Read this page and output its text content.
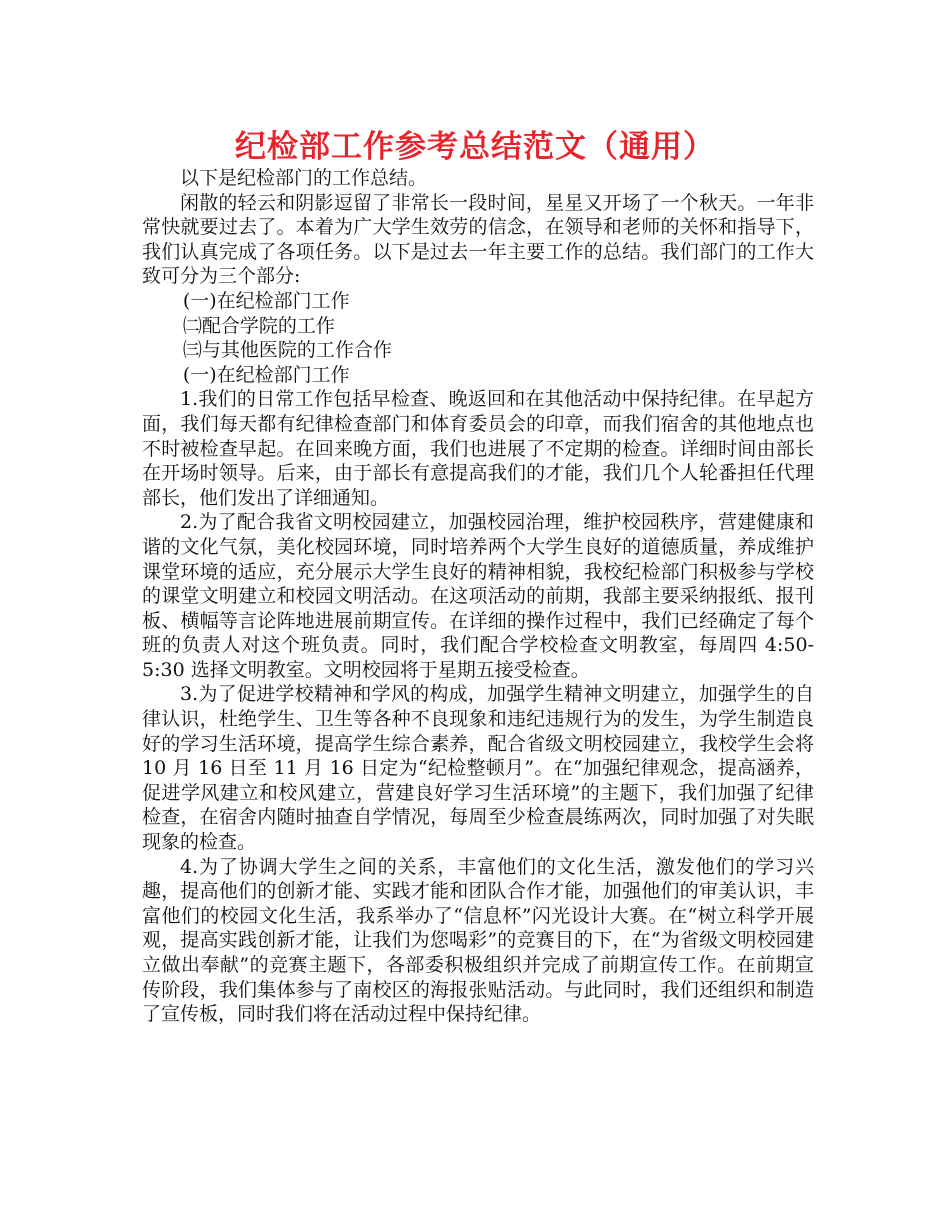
纪检部工作参考总结范文（通用）

以下是纪检部门的工作总结。

闲散的轻云和阴影逗留了非常长一段时间，星星又开场了一个秋天。一年非常快就要过去了。本着为广大学生效劳的信念，在领导和老师的关怀和指导下，我们认真完成了各项任务。以下是过去一年主要工作的总结。我们部门的工作大致可分为三个部分:

(一)在纪检部门工作

㈡配合学院的工作

㈢与其他医院的工作合作

(一)在纪检部门工作

1.我们的日常工作包括早检查、晚返回和在其他活动中保持纪律。在早起方面，我们每天都有纪律检查部门和体育委员会的印章，而我们宿舍的其他地点也不时被检查早起。在回来晚方面，我们也进展了不定期的检查。详细时间由部长在开场时领导。后来，由于部长有意提高我们的才能，我们几个人轮番担任代理部长，他们发出了详细通知。

2.为了配合我省文明校园建立，加强校园治理，维护校园秩序，营建健康和谐的文化气氛，美化校园环境，同时培养两个大学生良好的道德质量，养成维护课堂环境的适应，充分展示大学生良好的精神相貌，我校纪检部门积极参与学校的课堂文明建立和校园文明活动。在这项活动的前期，我部主要采纳报纸、报刊板、横幅等言论阵地进展前期宣传。在详细的操作过程中，我们已经确定了每个班的负责人对这个班负责。同时，我们配合学校检查文明教室，每周四 4:50-5:30 选择文明教室。文明校园将于星期五接受检查。

3.为了促进学校精神和学风的构成，加强学生精神文明建立，加强学生的自律认识，杜绝学生、卫生等各种不良现象和违纪违规行为的发生，为学生制造良好的学习生活环境，提高学生综合素养，配合省级文明校园建立，我校学生会将 10 月 16 日至 11 月 16 日定为“纪检整顿月”。在“加强纪律观念，提高涵养，促进学风建立和校风建立，营建良好学习生活环境”的主题下，我们加强了纪律检查，在宿舍内随时抽查自学情况，每周至少检查晨练两次，同时加强了对失眠现象的检查。

4.为了协调大学生之间的关系，丰富他们的文化生活，激发他们的学习兴趣，提高他们的创新才能、实践才能和团队合作才能，加强他们的审美认识，丰富他们的校园文化生活，我系举办了“信息杯”闪光设计大赛。在“树立科学开展观，提高实践创新才能，让我们为您喝彩”的竞赛目的下，在“为省级文明校园建立做出奉献”的竞赛主题下，各部委积极组织并完成了前期宣传工作。在前期宣传阶段，我们集体参与了南校区的海报张贴活动。与此同时，我们还组织和制造了宣传板，同时我们将在活动过程中保持纪律。
